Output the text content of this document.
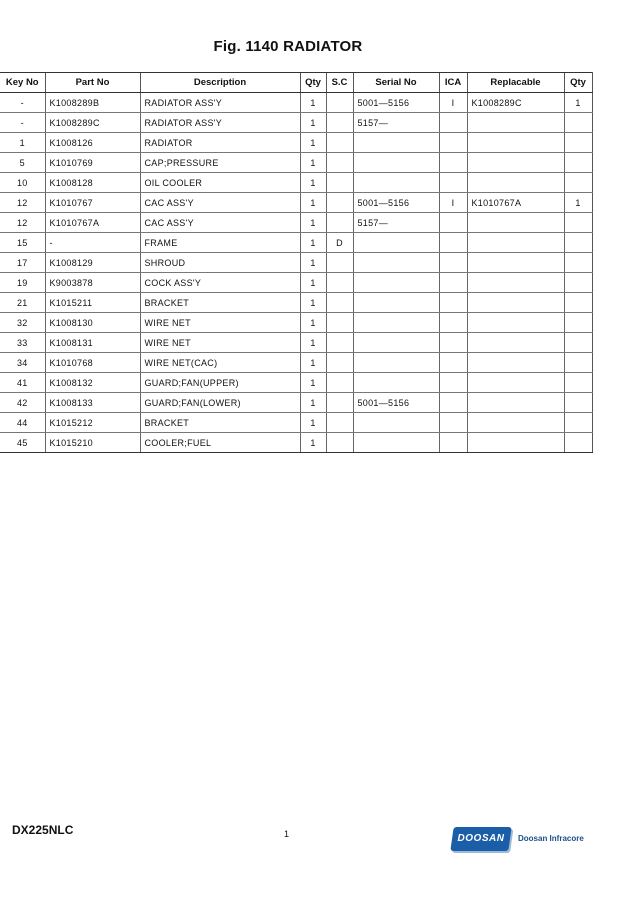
Fig. 1140 RADIATOR
Key No	Part No	Description	Qty	S.C	Serial No	ICA	Replacable	Qty
-	K1008289B	RADIATOR ASS'Y	1		5001—5156	I	K1008289C	1
-	K1008289C	RADIATOR ASS'Y	1		5157—			
1	K1008126	RADIATOR	1					
5	K1010769	CAP;PRESSURE	1					
10	K1008128	OIL COOLER	1					
12	K1010767	CAC ASS'Y	1		5001—5156	I	K1010767A	1
12	K1010767A	CAC ASS'Y	1		5157—			
15	-	FRAME	1	D				
17	K1008129	SHROUD	1					
19	K9003878	COCK ASS'Y	1					
21	K1015211	BRACKET	1					
32	K1008130	WIRE NET	1					
33	K1008131	WIRE NET	1					
34	K1010768	WIRE NET(CAC)	1					
41	K1008132	GUARD;FAN(UPPER)	1					
42	K1008133	GUARD;FAN(LOWER)	1		5001—5156			
44	K1015212	BRACKET	1					
45	K1015210	COOLER;FUEL	1					
DX225NLC	1	DOOSAN	Doosan Infracore
